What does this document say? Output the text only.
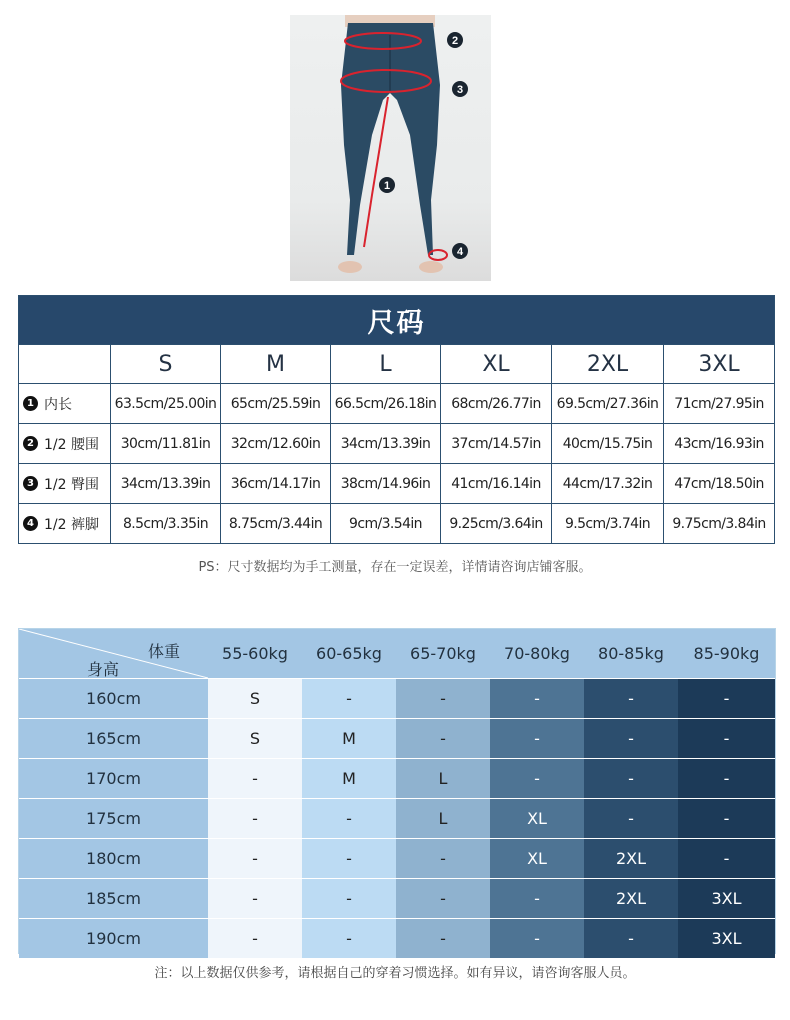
2
3
1
4
尺码						
	S	M	L	XL	2XL	3XL
1 内长	63.5cm/25.00in	65cm/25.59in	66.5cm/26.18in	68cm/26.77in	69.5cm/27.36in	71cm/27.95in
2 1/2 腰围	30cm/11.81in	32cm/12.60in	34cm/13.39in	37cm/14.57in	40cm/15.75in	43cm/16.93in
3 1/2 臀围	34cm/13.39in	36cm/14.17in	38cm/14.96in	41cm/16.14in	44cm/17.32in	47cm/18.50in
4 1/2 裤脚	8.5cm/3.35in	8.75cm/3.44in	9cm/3.54in	9.25cm/3.64in	9.5cm/3.74in	9.75cm/3.84in
PS：尺寸数据均为手工测量，存在一定误差，详情请咨询店铺客服。
体重
身高	55-60kg	60-65kg	65-70kg	70-80kg	80-85kg	85-90kg
160cm	S	-	-	-	-	-
165cm	S	M	-	-	-	-
170cm	-	M	L	-	-	-
175cm	-	-	L	XL	-	-
180cm	-	-	-	XL	2XL	-
185cm	-	-	-	-	2XL	3XL
190cm	-	-	-	-	-	3XL
注：以上数据仅供参考，请根据自己的穿着习惯选择。如有异议，请咨询客服人员。
